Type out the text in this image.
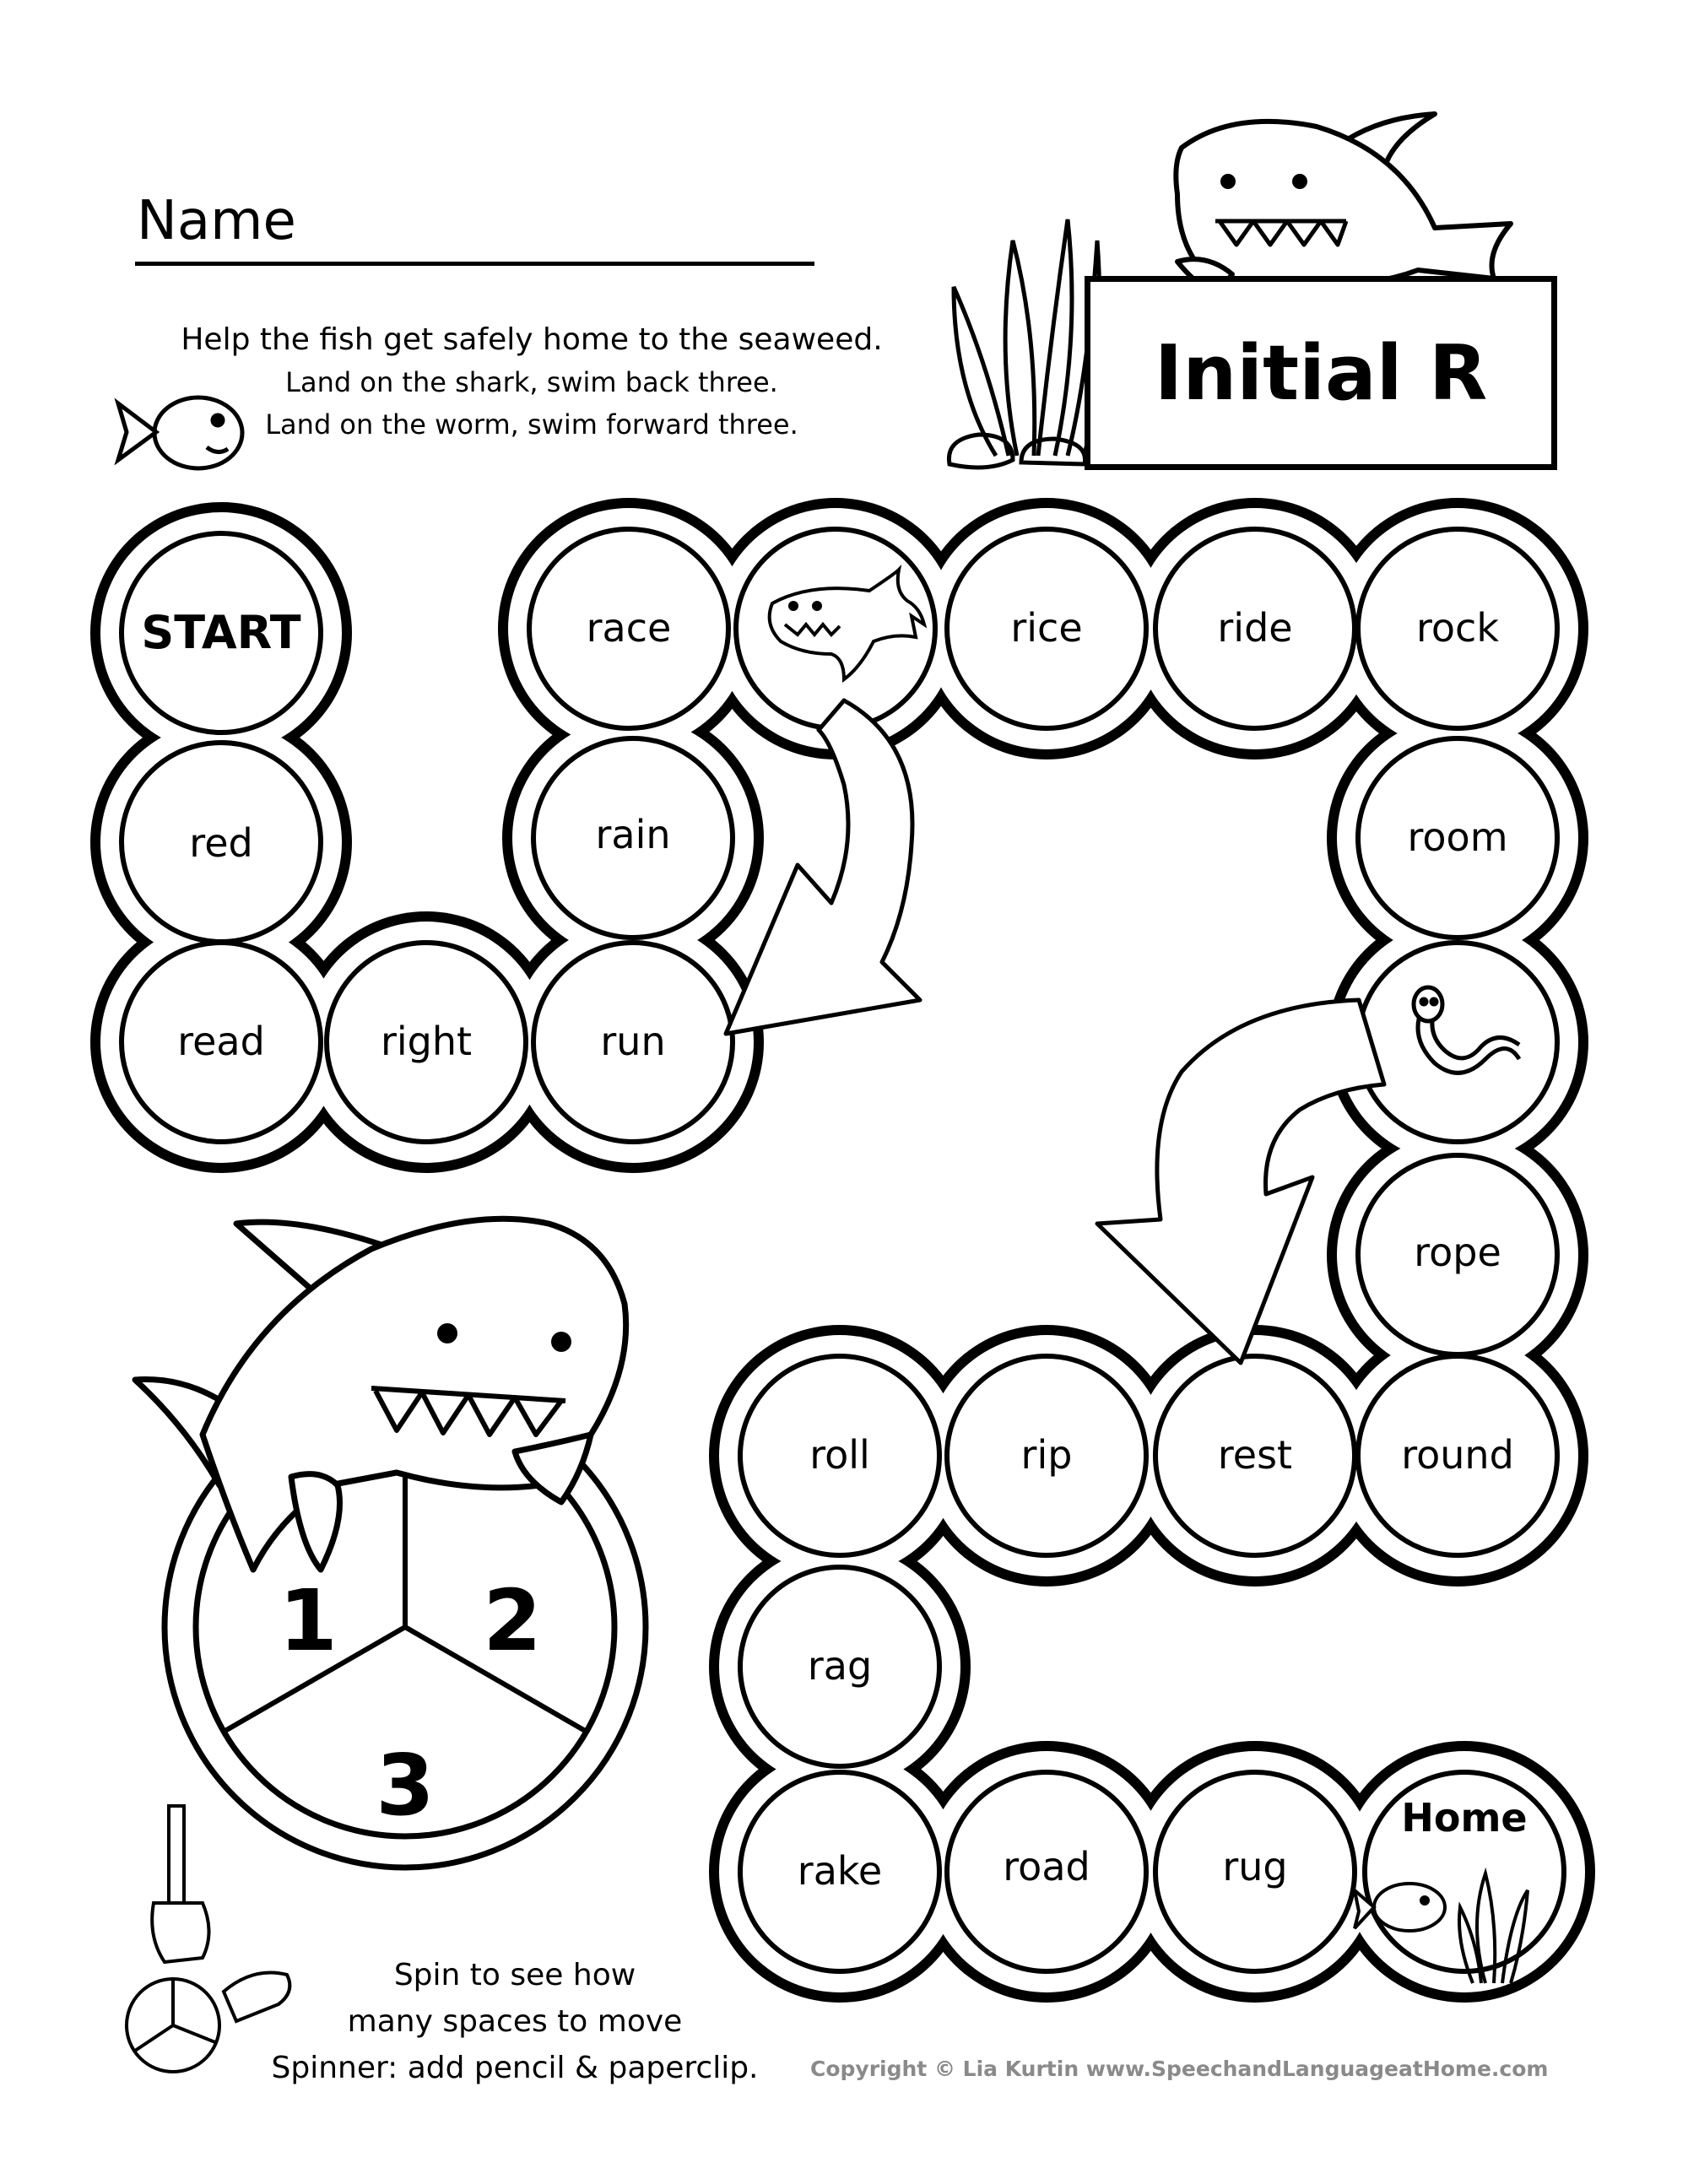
START
red
read	right	run
rain
race	rice	ride	rock
room
rope
round
rest
rip
roll
rag
rake	road	rug
Home
1 2
3
Name
Help the fish get safely home to the seaweed.
Land on the shark, swim back three.
Land on the worm, swim forward three.
Initial R
Spin to see how
many spaces to move
Spinner: add pencil & paperclip.	Copyright © Lia Kurtin www.SpeechandLanguageatHome.com
